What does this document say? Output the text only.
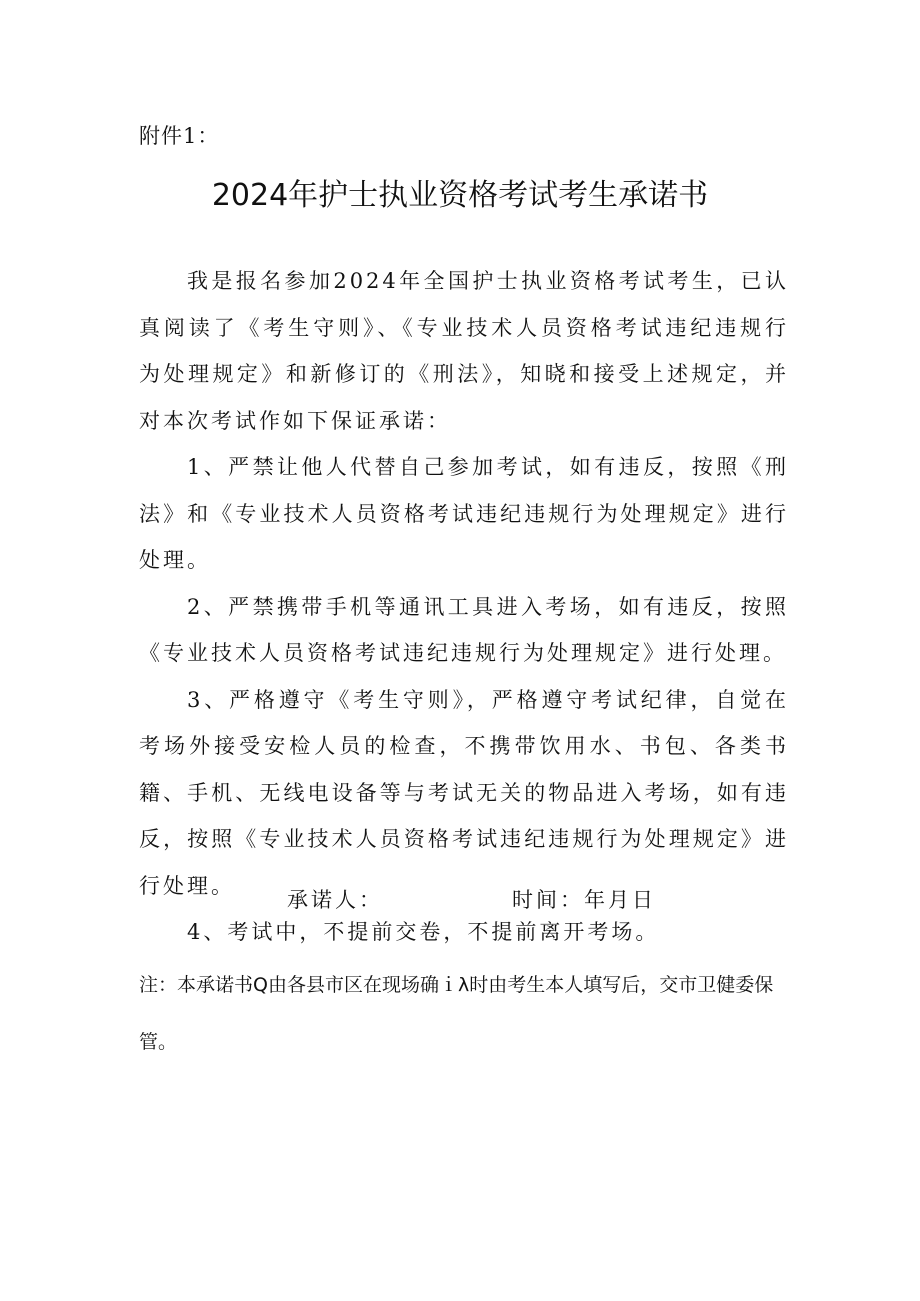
附件1：
2024年护士执业资格考试考生承诺书

我是报名参加2024年全国护士执业资格考试考生，已认真阅读了《考生守则》、《专业技术人员资格考试违纪违规行为处理规定》和新修订的《刑法》，知晓和接受上述规定，并对本次考试作如下保证承诺：

1、严禁让他人代替自己参加考试，如有违反，按照《刑法》和《专业技术人员资格考试违纪违规行为处理规定》进行处理。

2、严禁携带手机等通讯工具进入考场，如有违反，按照《专业技术人员资格考试违纪违规行为处理规定》进行处理。

3、严格遵守《考生守则》，严格遵守考试纪律，自觉在考场外接受安检人员的检查，不携带饮用水、书包、各类书籍、手机、无线电设备等与考试无关的物品进入考场，如有违反，按照《专业技术人员资格考试违纪违规行为处理规定》进行处理。

4、考试中，不提前交卷，不提前离开考场。

承诺人：	时间：年月日
注：本承诺书Q由各县市区在现场确ｉλ时由考生本人填写后，交市卫健委保管。
